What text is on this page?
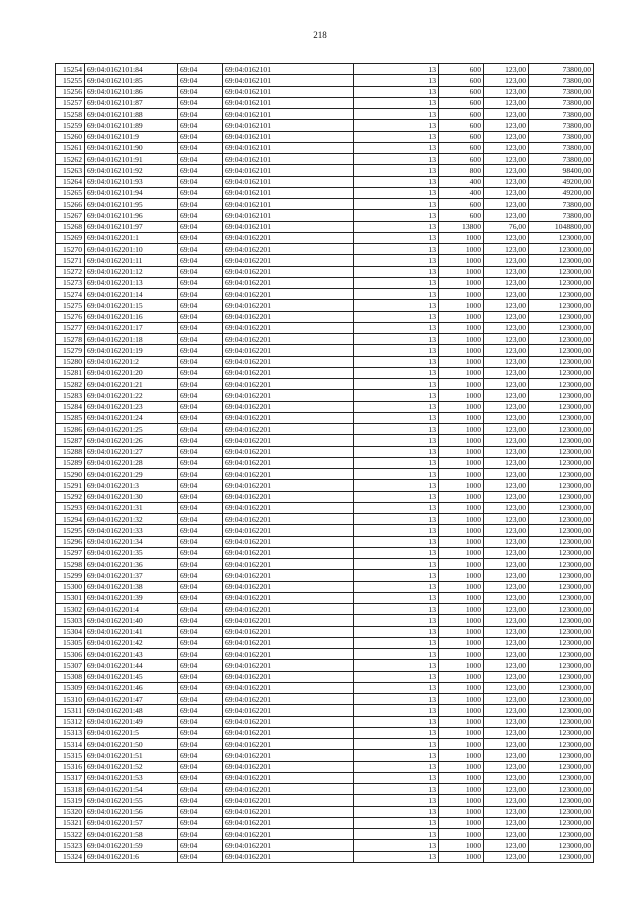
218
15254	69:04:0162101:84	69:04	69:04:0162101	13	600	123,00	73800,00
15255	69:04:0162101:85	69:04	69:04:0162101	13	600	123,00	73800,00
15256	69:04:0162101:86	69:04	69:04:0162101	13	600	123,00	73800,00
15257	69:04:0162101:87	69:04	69:04:0162101	13	600	123,00	73800,00
15258	69:04:0162101:88	69:04	69:04:0162101	13	600	123,00	73800,00
15259	69:04:0162101:89	69:04	69:04:0162101	13	600	123,00	73800,00
15260	69:04:0162101:9	69:04	69:04:0162101	13	600	123,00	73800,00
15261	69:04:0162101:90	69:04	69:04:0162101	13	600	123,00	73800,00
15262	69:04:0162101:91	69:04	69:04:0162101	13	600	123,00	73800,00
15263	69:04:0162101:92	69:04	69:04:0162101	13	800	123,00	98400,00
15264	69:04:0162101:93	69:04	69:04:0162101	13	400	123,00	49200,00
15265	69:04:0162101:94	69:04	69:04:0162101	13	400	123,00	49200,00
15266	69:04:0162101:95	69:04	69:04:0162101	13	600	123,00	73800,00
15267	69:04:0162101:96	69:04	69:04:0162101	13	600	123,00	73800,00
15268	69:04:0162101:97	69:04	69:04:0162101	13	13800	76,00	1048800,00
15269	69:04:0162201:1	69:04	69:04:0162201	13	1000	123,00	123000,00
15270	69:04:0162201:10	69:04	69:04:0162201	13	1000	123,00	123000,00
15271	69:04:0162201:11	69:04	69:04:0162201	13	1000	123,00	123000,00
15272	69:04:0162201:12	69:04	69:04:0162201	13	1000	123,00	123000,00
15273	69:04:0162201:13	69:04	69:04:0162201	13	1000	123,00	123000,00
15274	69:04:0162201:14	69:04	69:04:0162201	13	1000	123,00	123000,00
15275	69:04:0162201:15	69:04	69:04:0162201	13	1000	123,00	123000,00
15276	69:04:0162201:16	69:04	69:04:0162201	13	1000	123,00	123000,00
15277	69:04:0162201:17	69:04	69:04:0162201	13	1000	123,00	123000,00
15278	69:04:0162201:18	69:04	69:04:0162201	13	1000	123,00	123000,00
15279	69:04:0162201:19	69:04	69:04:0162201	13	1000	123,00	123000,00
15280	69:04:0162201:2	69:04	69:04:0162201	13	1000	123,00	123000,00
15281	69:04:0162201:20	69:04	69:04:0162201	13	1000	123,00	123000,00
15282	69:04:0162201:21	69:04	69:04:0162201	13	1000	123,00	123000,00
15283	69:04:0162201:22	69:04	69:04:0162201	13	1000	123,00	123000,00
15284	69:04:0162201:23	69:04	69:04:0162201	13	1000	123,00	123000,00
15285	69:04:0162201:24	69:04	69:04:0162201	13	1000	123,00	123000,00
15286	69:04:0162201:25	69:04	69:04:0162201	13	1000	123,00	123000,00
15287	69:04:0162201:26	69:04	69:04:0162201	13	1000	123,00	123000,00
15288	69:04:0162201:27	69:04	69:04:0162201	13	1000	123,00	123000,00
15289	69:04:0162201:28	69:04	69:04:0162201	13	1000	123,00	123000,00
15290	69:04:0162201:29	69:04	69:04:0162201	13	1000	123,00	123000,00
15291	69:04:0162201:3	69:04	69:04:0162201	13	1000	123,00	123000,00
15292	69:04:0162201:30	69:04	69:04:0162201	13	1000	123,00	123000,00
15293	69:04:0162201:31	69:04	69:04:0162201	13	1000	123,00	123000,00
15294	69:04:0162201:32	69:04	69:04:0162201	13	1000	123,00	123000,00
15295	69:04:0162201:33	69:04	69:04:0162201	13	1000	123,00	123000,00
15296	69:04:0162201:34	69:04	69:04:0162201	13	1000	123,00	123000,00
15297	69:04:0162201:35	69:04	69:04:0162201	13	1000	123,00	123000,00
15298	69:04:0162201:36	69:04	69:04:0162201	13	1000	123,00	123000,00
15299	69:04:0162201:37	69:04	69:04:0162201	13	1000	123,00	123000,00
15300	69:04:0162201:38	69:04	69:04:0162201	13	1000	123,00	123000,00
15301	69:04:0162201:39	69:04	69:04:0162201	13	1000	123,00	123000,00
15302	69:04:0162201:4	69:04	69:04:0162201	13	1000	123,00	123000,00
15303	69:04:0162201:40	69:04	69:04:0162201	13	1000	123,00	123000,00
15304	69:04:0162201:41	69:04	69:04:0162201	13	1000	123,00	123000,00
15305	69:04:0162201:42	69:04	69:04:0162201	13	1000	123,00	123000,00
15306	69:04:0162201:43	69:04	69:04:0162201	13	1000	123,00	123000,00
15307	69:04:0162201:44	69:04	69:04:0162201	13	1000	123,00	123000,00
15308	69:04:0162201:45	69:04	69:04:0162201	13	1000	123,00	123000,00
15309	69:04:0162201:46	69:04	69:04:0162201	13	1000	123,00	123000,00
15310	69:04:0162201:47	69:04	69:04:0162201	13	1000	123,00	123000,00
15311	69:04:0162201:48	69:04	69:04:0162201	13	1000	123,00	123000,00
15312	69:04:0162201:49	69:04	69:04:0162201	13	1000	123,00	123000,00
15313	69:04:0162201:5	69:04	69:04:0162201	13	1000	123,00	123000,00
15314	69:04:0162201:50	69:04	69:04:0162201	13	1000	123,00	123000,00
15315	69:04:0162201:51	69:04	69:04:0162201	13	1000	123,00	123000,00
15316	69:04:0162201:52	69:04	69:04:0162201	13	1000	123,00	123000,00
15317	69:04:0162201:53	69:04	69:04:0162201	13	1000	123,00	123000,00
15318	69:04:0162201:54	69:04	69:04:0162201	13	1000	123,00	123000,00
15319	69:04:0162201:55	69:04	69:04:0162201	13	1000	123,00	123000,00
15320	69:04:0162201:56	69:04	69:04:0162201	13	1000	123,00	123000,00
15321	69:04:0162201:57	69:04	69:04:0162201	13	1000	123,00	123000,00
15322	69:04:0162201:58	69:04	69:04:0162201	13	1000	123,00	123000,00
15323	69:04:0162201:59	69:04	69:04:0162201	13	1000	123,00	123000,00
15324	69:04:0162201:6	69:04	69:04:0162201	13	1000	123,00	123000,00
